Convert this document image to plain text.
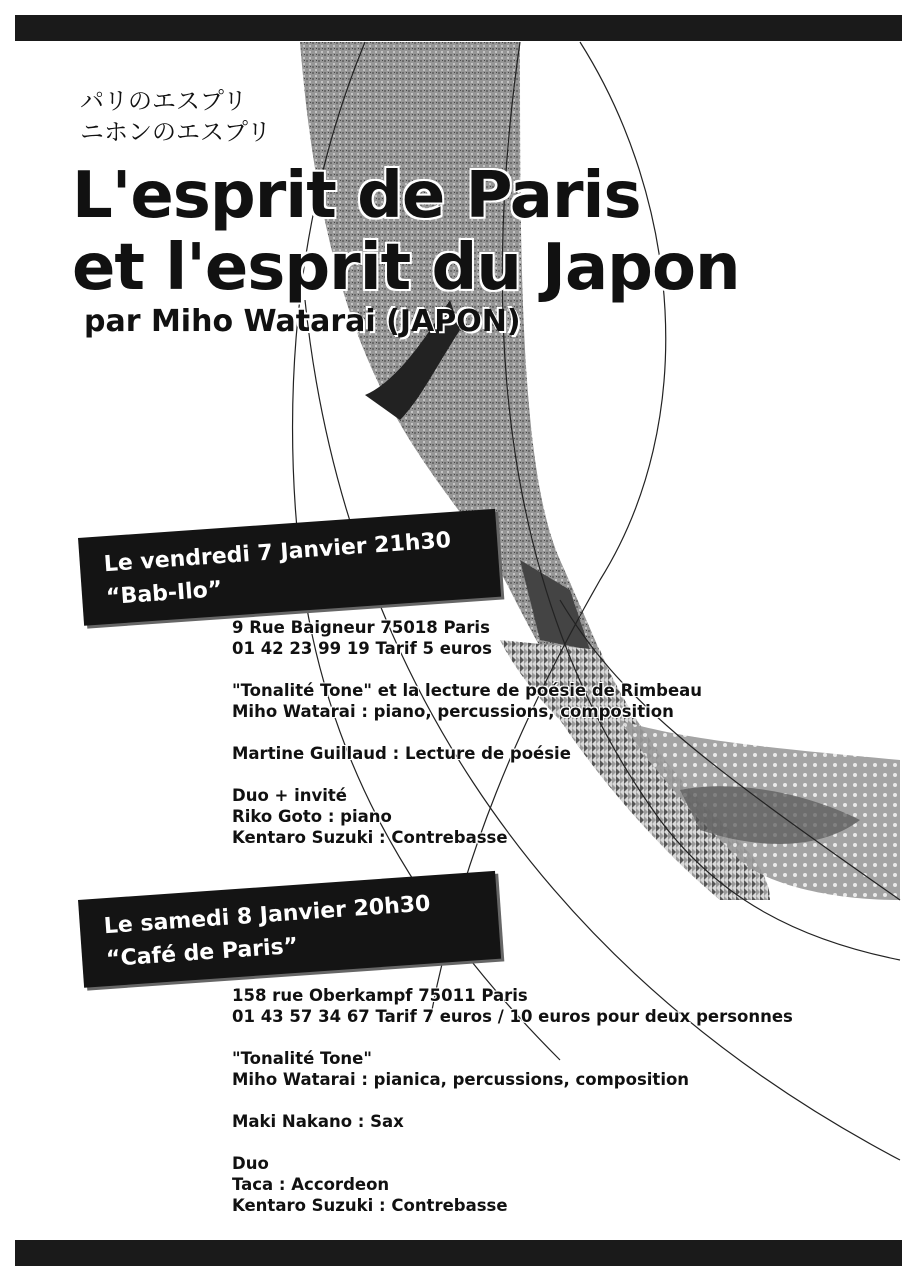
パリのエスプリ
ニホンのエスプリ
L'esprit de Paris
et l'esprit du Japon
par Miho Watarai (JAPON)
Le vendredi 7 Janvier 21h30
“Bab-Ilo”
9 Rue Baigneur 75018 Paris
01 42 23 99 19 Tarif 5 euros
"Tonalité Tone" et la lecture de poésie de Rimbeau
Miho Watarai : piano, percussions, composition
Martine Guillaud : Lecture de poésie
Duo + invité
Riko Goto : piano
Kentaro Suzuki : Contrebasse
Le samedi 8 Janvier 20h30
“Café de Paris”
158 rue Oberkampf 75011 Paris
01 43 57 34 67 Tarif 7 euros / 10 euros pour deux personnes
"Tonalité Tone"
Miho Watarai : pianica, percussions, composition
Maki Nakano : Sax
Duo
Taca : Accordeon
Kentaro Suzuki : Contrebasse
